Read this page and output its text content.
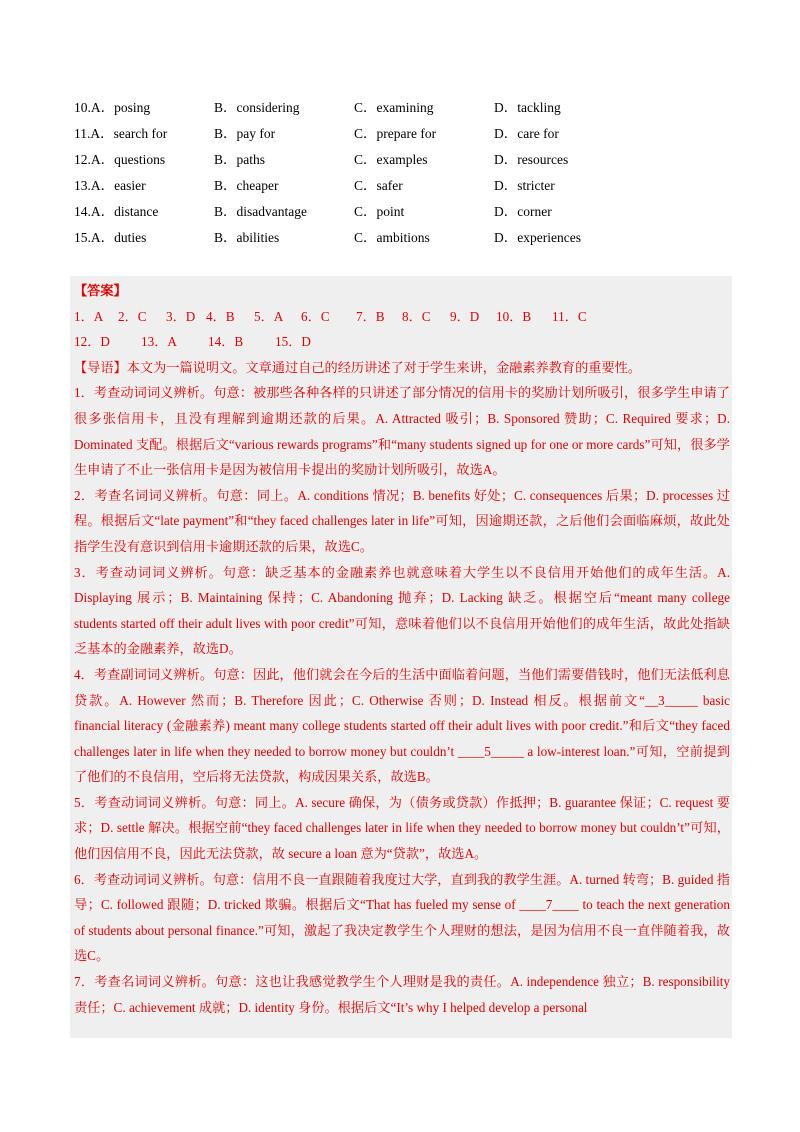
10.A．posing	B．considering	C．examining	D．tackling
11.A．search for	B．pay for	C．prepare for	D．care for
12.A．questions	B．paths	C．examples	D．resources
13.A．easier	B．cheaper	C．safer	D．stricter
14.A．distance	B．disadvantage	C．point	D．corner
15.A．duties	B．abilities	C．ambitions	D．experiences

【答案】

1．A	2．C	3．D 4．B	5．A	6．C	7．B	8．C	9．D	10．B	11．C
12．D	13．A	14．B	15．D

【导语】本文为一篇说明文。文章通过自己的经历讲述了对于学生来讲，金融素养教育的重要性。

1．考查动词词义辨析。句意：被那些各种各样的只讲述了部分情况的信用卡的奖励计划所吸引，很多学生申请了很多张信用卡，且没有理解到逾期还款的后果。A. Attracted 吸引；B. Sponsored 赞助；C. Required 要求；D. Dominated 支配。根据后文“various rewards programs”和“many students signed up for one or more cards”可知，很多学生申请了不止一张信用卡是因为被信用卡提出的奖励计划所吸引，故选A。

2．考查名词词义辨析。句意：同上。A. conditions 情况；B. benefits 好处；C. consequences 后果；D. processes 过程。根据后文“late payment”和“they faced challenges later in life”可知，因逾期还款，之后他们会面临麻烦，故此处指学生没有意识到信用卡逾期还款的后果，故选C。

3．考查动词词义辨析。句意：缺乏基本的金融素养也就意味着大学生以不良信用开始他们的成年生活。A. Displaying 展示；B. Maintaining 保持；C. Abandoning 抛弃；D. Lacking 缺乏。根据空后“meant many college students started off their adult lives with poor credit”可知，意味着他们以不良信用开始他们的成年生活，故此处指缺乏基本的金融素养，故选D。

4．考查副词词义辨析。句意：因此，他们就会在今后的生活中面临着问题，当他们需要借钱时，他们无法低利息贷款。A. However 然而；B. Therefore 因此；C. Otherwise 否则；D. Instead 相反。根据前文“__3_____ basic financial literacy (金融素养) meant many college students started off their adult lives with poor credit.”和后文“they faced challenges later in life when they needed to borrow money but couldn’t ____5_____ a low-interest loan.”可知，空前提到了他们的不良信用，空后将无法贷款，构成因果关系，故选B。

5．考查动词词义辨析。句意：同上。A. secure 确保，为（债务或贷款）作抵押；B. guarantee 保证；C. request 要求；D. settle 解决。根据空前“they faced challenges later in life when they needed to borrow money but couldn’t”可知，他们因信用不良，因此无法贷款，故 secure a loan 意为“贷款”，故选A。

6．考查动词词义辨析。句意：信用不良一直跟随着我度过大学，直到我的教学生涯。A. turned 转弯；B. guided 指导；C. followed 跟随；D. tricked 欺骗。根据后文“That has fueled my sense of ____7____ to teach the next generation of students about personal finance.”可知，激起了我决定教学生个人理财的想法，是因为信用不良一直伴随着我，故选C。

7．考查名词词义辨析。句意：这也让我感觉教学生个人理财是我的责任。A. independence 独立；B. responsibility 责任；C. achievement 成就；D. identity 身份。根据后文“It’s why I helped develop a personal
